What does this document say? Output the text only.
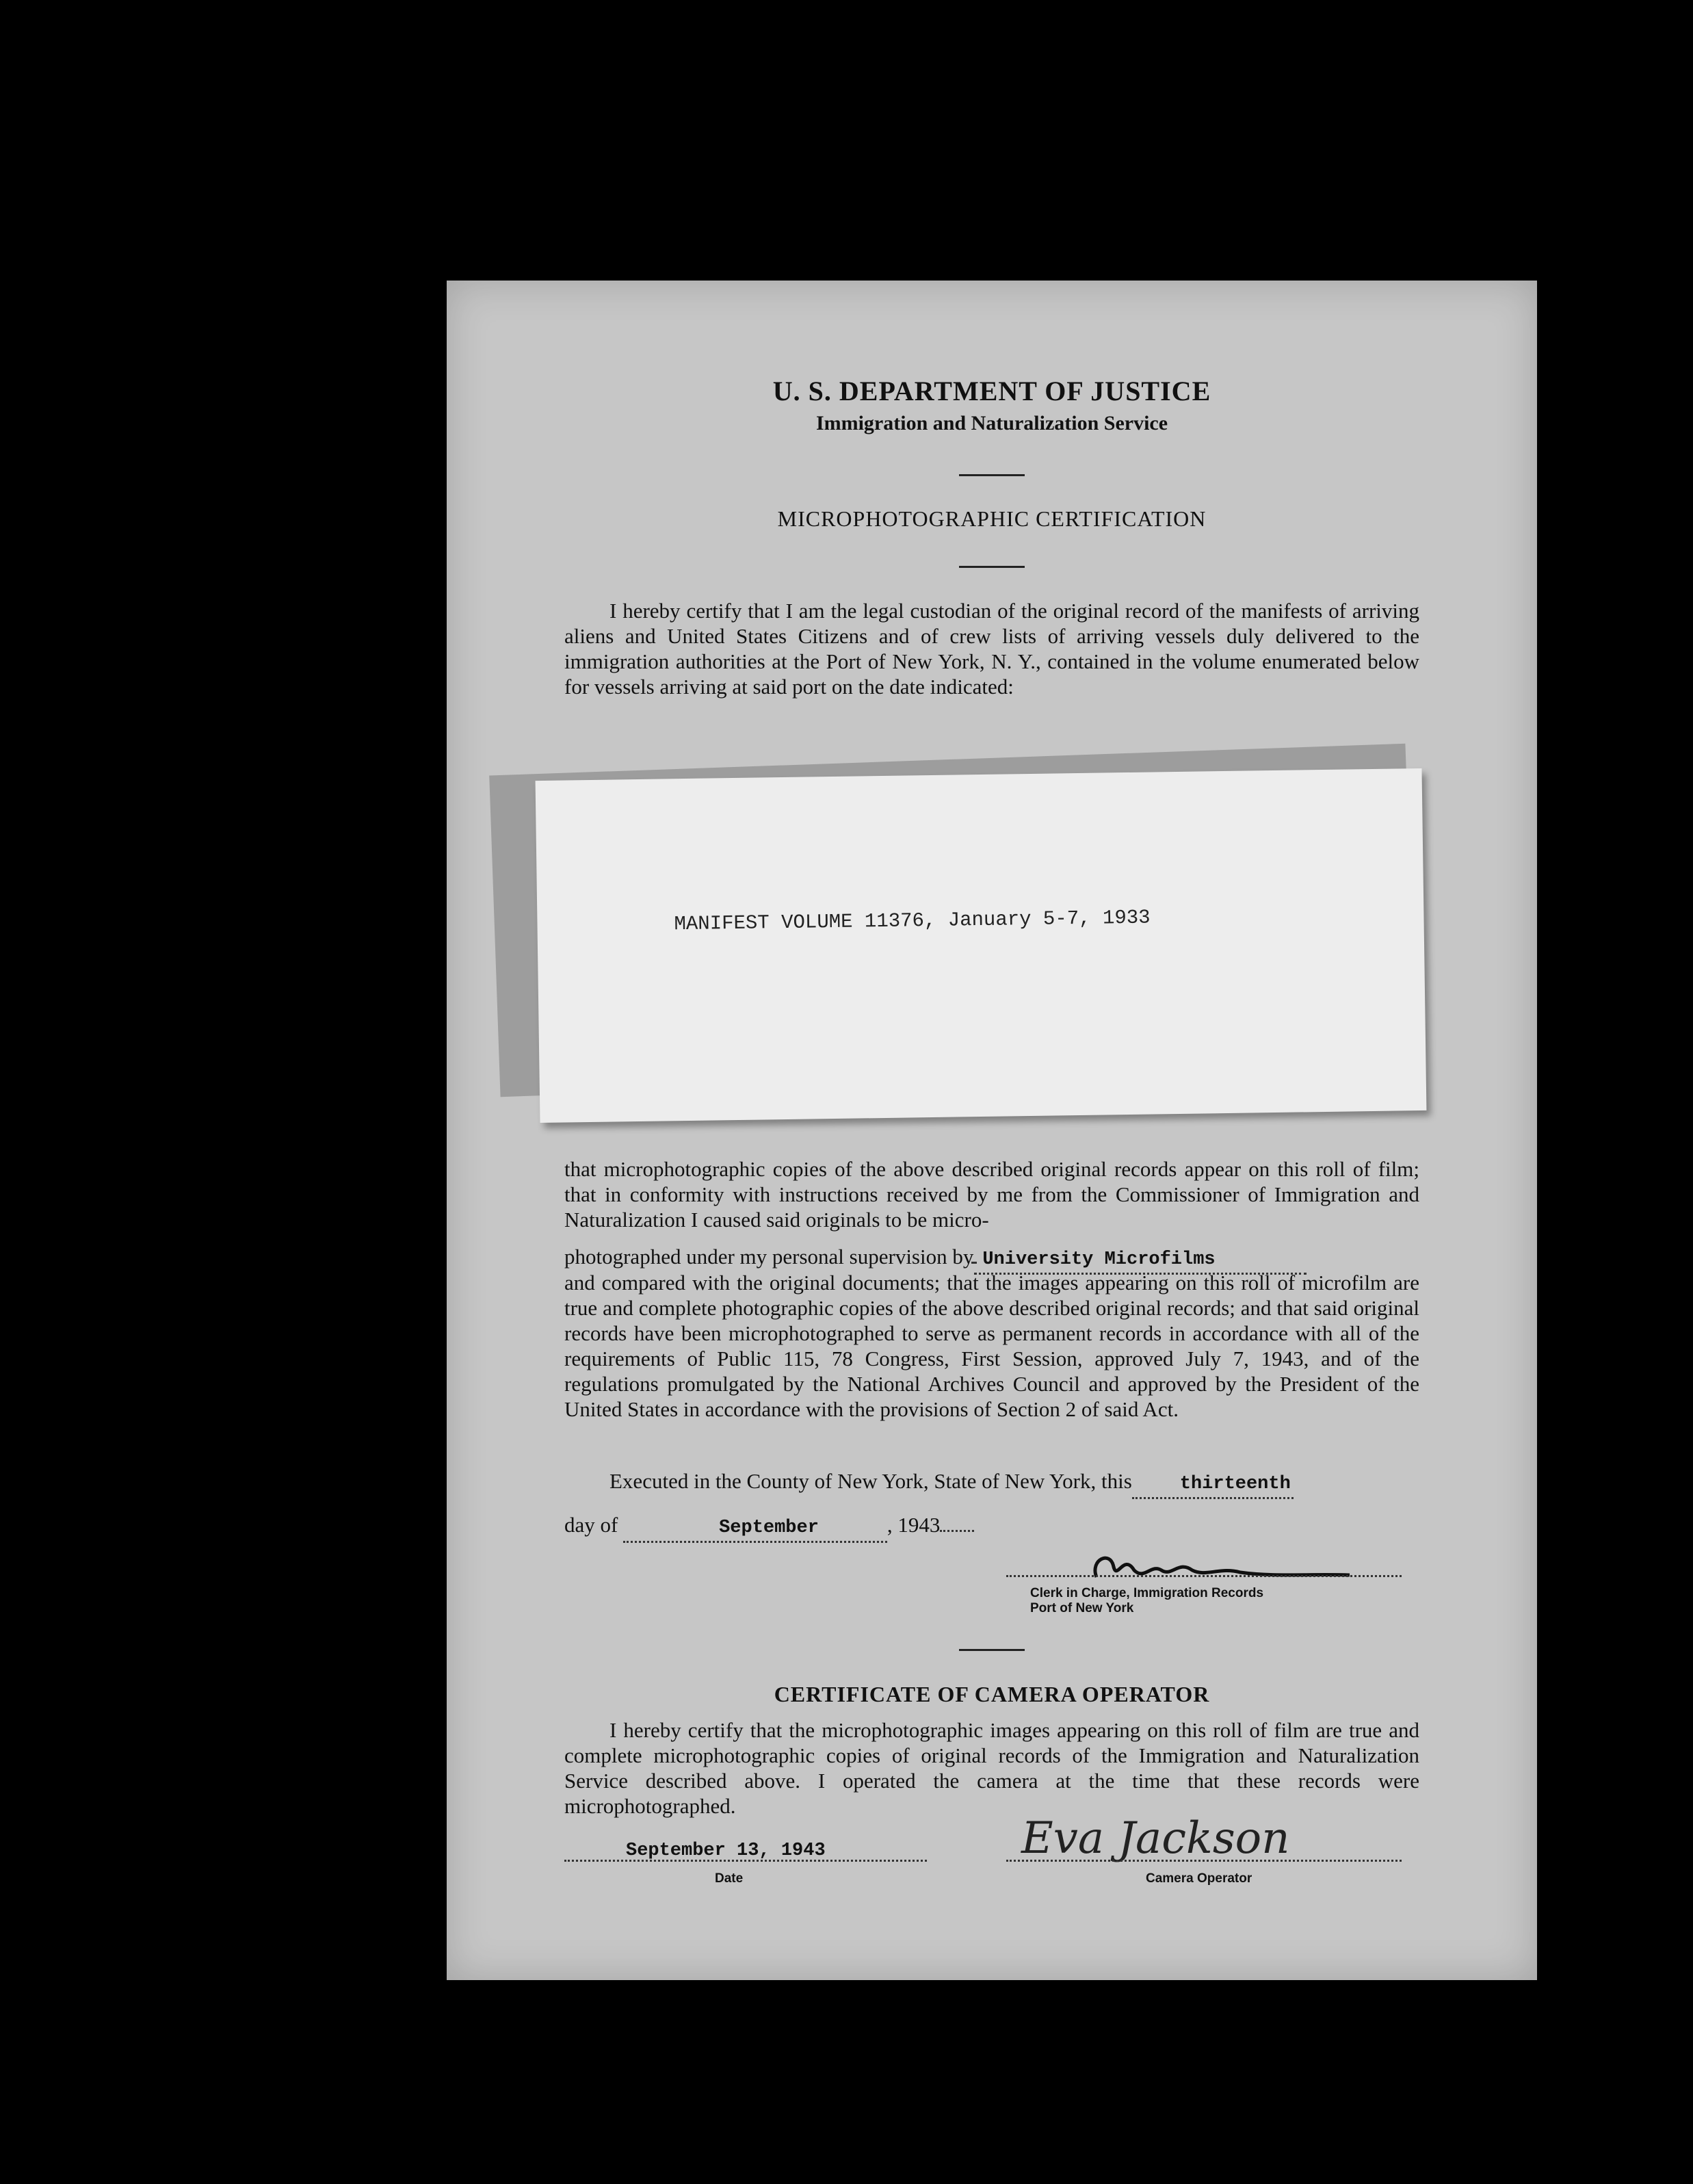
U. S. DEPARTMENT OF JUSTICE
Immigration and Naturalization Service
MICROPHOTOGRAPHIC CERTIFICATION

I hereby certify that I am the legal custodian of the original record of the manifests of arriving aliens and United States Citizens and of crew lists of arriving vessels duly delivered to the immigration authorities at the Port of New York, N. Y., contained in the volume enumerated below for vessels arriving at said port on the date indicated:

MANIFEST VOLUME 11376, January 5-7, 1933
that microphotographic copies of the above described original records appear on this roll of film; that in conformity with instructions received by me from the Commissioner of Immigration and Naturalization I caused said originals to be micro-
photographed under my personal supervision by University Microfilms
and compared with the original documents; that the images appearing on this roll of microfilm are true and complete photographic copies of the above described original records; and that said original records have been microphotographed to serve as permanent records in accordance with all of the requirements of Public 115, 78 Congress, First Session, approved July 7, 1943, and of the regulations promulgated by the National Archives Council and approved by the President of the United States in accordance with the provisions of Section 2 of said Act.
Executed in the County of New York, State of New York, this	thirteenth
day of	September	, 1943
Clerk in Charge, Immigration Records
Port of New York
CERTIFICATE OF CAMERA OPERATOR

I hereby certify that the microphotographic images appearing on this roll of film are true and complete microphotographic copies of original records of the Immigration and Naturalization Service described above. I operated the camera at the time that these records were microphotographed.

September 13, 1943
Date
Eva Jackson
Camera Operator
